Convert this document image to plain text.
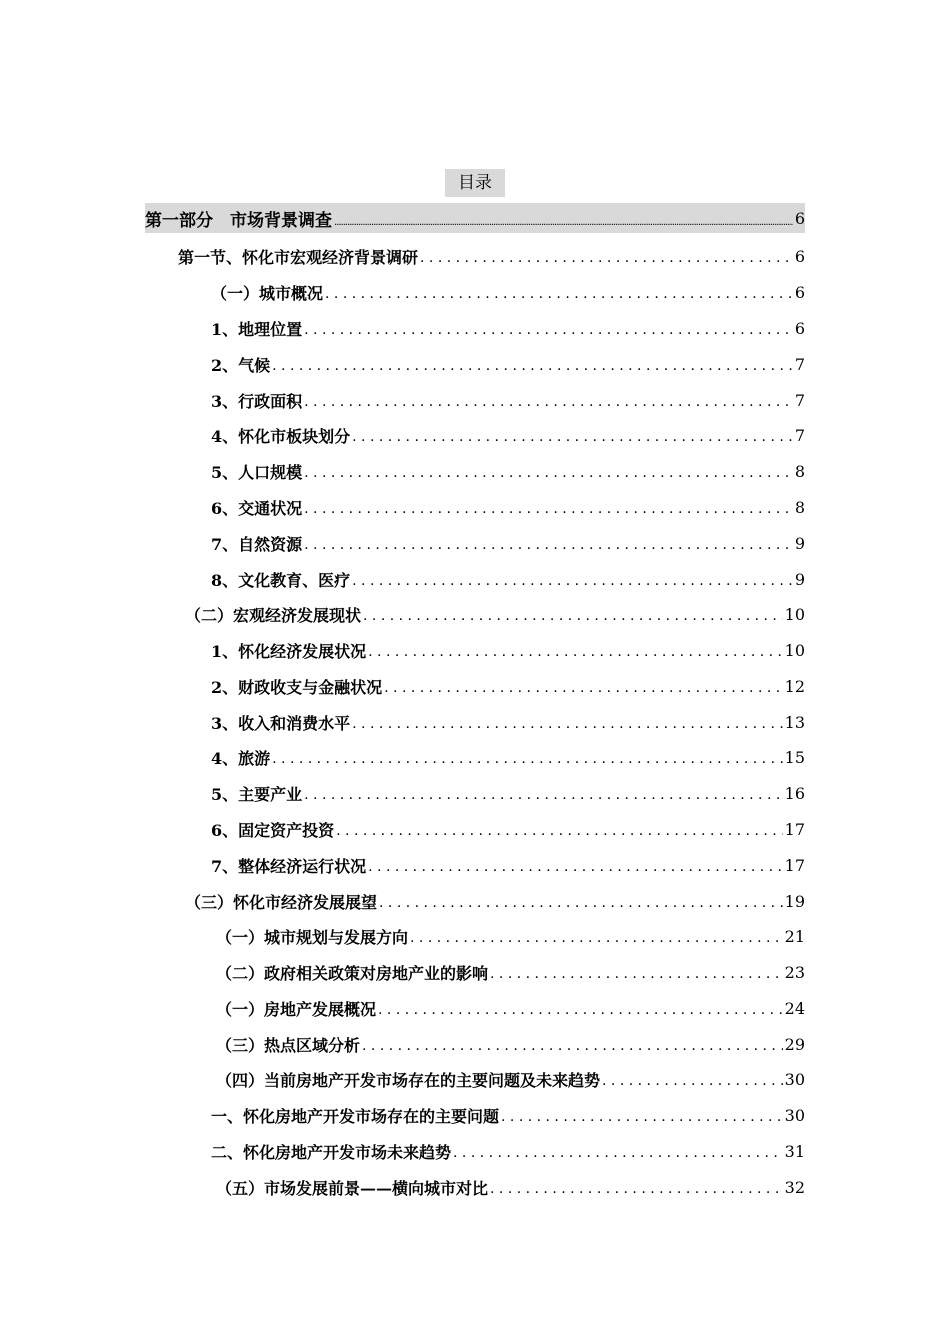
目录
第一部分　市场背景调查 .....	6
第一节、怀化市宏观经济背景调研 . . .	6
（一）城市概况 . . .	6
1、地理位置 . . .	6
2、气候 . . .	7
3、行政面积 . . .	7
4、怀化市板块划分 . . .	7
5、人口规模 . . .	8
6、交通状况 . . .	8
7、自然资源 . . .	9
8、文化教育、医疗 . . .	9
（二）宏观经济发展现状 . . .	10
1、怀化经济发展状况 . . .	10
2、财政收支与金融状况 . . .	12
3、收入和消费水平 . . .	13
4、旅游 . . .	15
5、主要产业 . . .	16
6、固定资产投资 . . .	17
7、整体经济运行状况 . . .	17
（三）怀化市经济发展展望 . . .	19
（一）城市规划与发展方向 . . .	21
（二）政府相关政策对房地产业的影响 . . .	23
（一）房地产发展概况 . . .	24
（三）热点区域分析 . . .	29
（四）当前房地产开发市场存在的主要问题及未来趋势 . . .	30
一、怀化房地产开发市场存在的主要问题 . . .	30
二、怀化房地产开发市场未来趋势 . . .	31
（五）市场发展前景——横向城市对比 . . .	32
